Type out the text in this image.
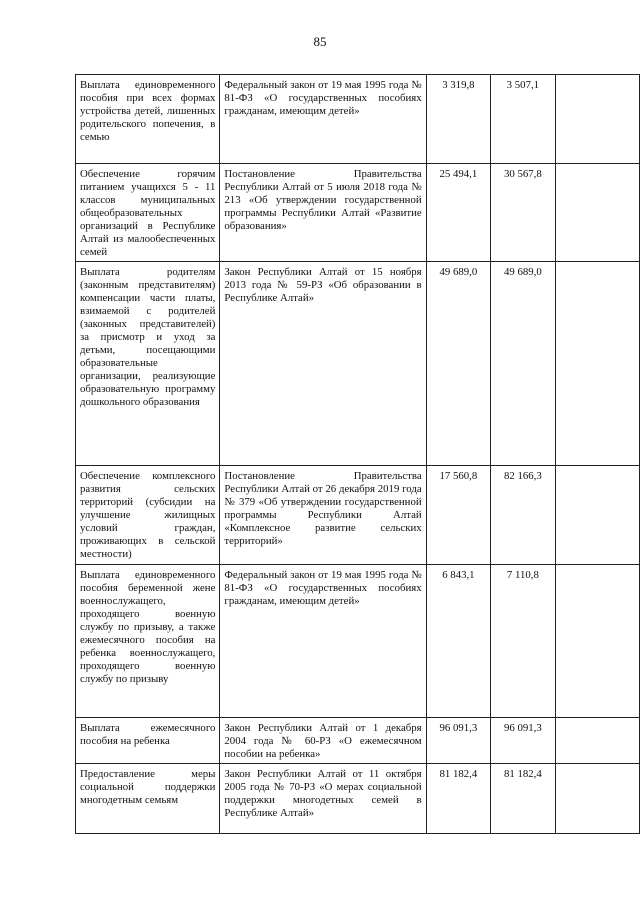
85
Выплата единовременного пособия при всех формах устройства детей, лишенных родительского попечения, в семью	Федеральный закон от 19 мая 1995 года № 81-ФЗ «О государственных пособиях гражданам, имеющим детей»	3 319,8	3 507,1	
Обеспечение горячим питанием учащихся 5 - 11 классов муниципальных общеобразовательных организаций в Республике Алтай из малообеспеченных семей	Постановление Правительства Республики Алтай от 5 июля 2018 года № 213 «Об утверждении государственной программы Республики Алтай «Развитие образования»	25 494,1	30 567,8	
Выплата родителям (законным представителям) компенсации части платы, взимаемой с родителей (законных представителей) за присмотр и уход за детьми, посещающими образовательные организации, реализующие образовательную программу дошкольного образования	Закон Республики Алтай от 15 ноября 2013 года № 59-РЗ «Об образовании в Республике Алтай»	49 689,0	49 689,0	
Обеспечение комплексного развития сельских территорий (субсидии на улучшение жилищных условий граждан, проживающих в сельской местности)	Постановление Правительства Республики Алтай от 26 декабря 2019 года № 379 «Об утверждении государственной программы Республики Алтай «Комплексное развитие сельских территорий»	17 560,8	82 166,3	
Выплата единовременного пособия беременной жене военнослужащего, проходящего военную службу по призыву, а также ежемесячного пособия на ребенка военнослужащего, проходящего военную службу по призыву	Федеральный закон от 19 мая 1995 года № 81-ФЗ «О государственных пособиях гражданам, имеющим детей»	6 843,1	7 110,8	
Выплата ежемесячного пособия на ребенка	Закон Республики Алтай от 1 декабря 2004 года № 60-РЗ «О ежемесячном пособии на ребенка»	96 091,3	96 091,3	
Предоставление меры социальной поддержки многодетным семьям	Закон Республики Алтай от 11 октября 2005 года № 70-РЗ «О мерах социальной поддержки многодетных семей в Республике Алтай»	81 182,4	81 182,4	
